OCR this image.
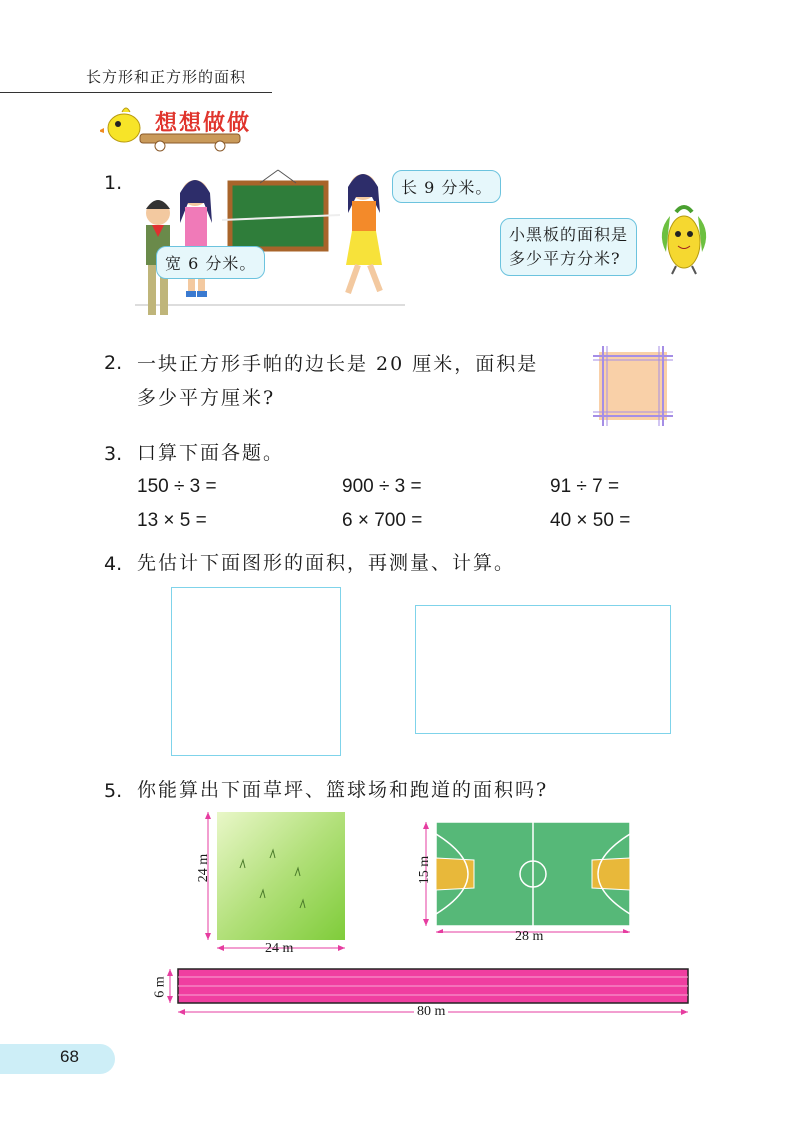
长方形和正方形的面积
想想做做
1.	长 9 分米。
宽 6 分米。
小黑板的面积是
多少平方分米?
2. 一块正方形手帕的边长是 20 厘米，面积是
多少平方厘米?
3. 口算下面各题。
150 ÷ 3 =	900 ÷ 3 =	91 ÷ 7 =
13 × 5 =	6 × 700 =	40 × 50 =
4. 先估计下面图形的面积，再测量、计算。
5. 你能算出下面草坪、篮球场和跑道的面积吗?
24 m
24 m
15 m
28 m
6 m
80 m
68
